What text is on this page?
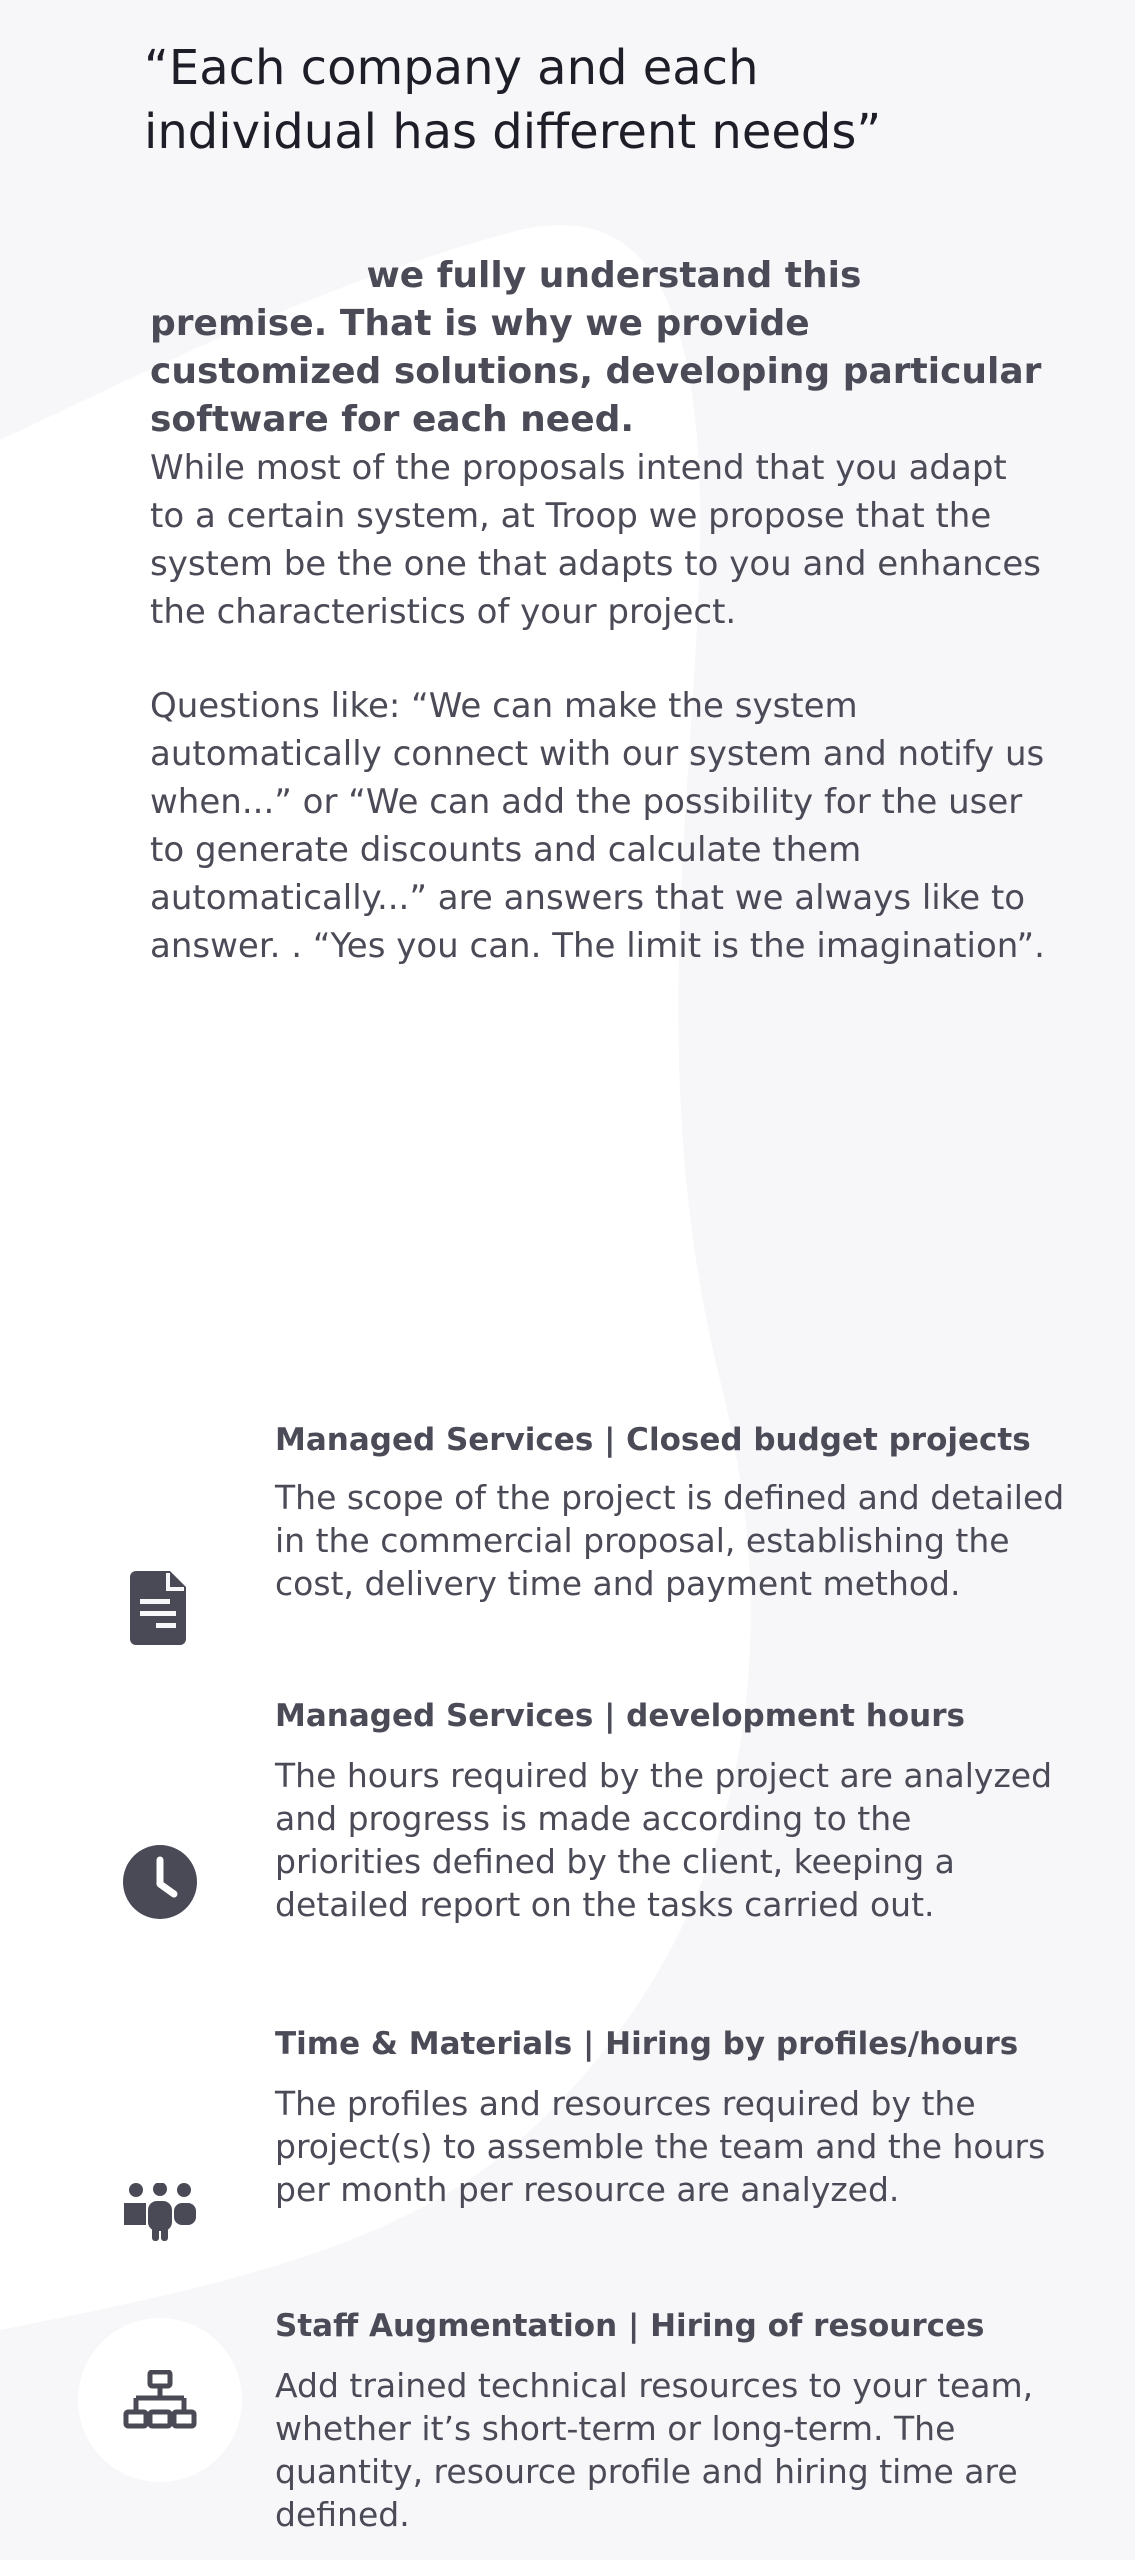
“Each company and each
individual has different needs”

we fully understand this premise. That is why we provide customized solutions, developing particular software for each need.

While most of the proposals intend that you adapt to a certain system, at Troop we propose that the system be the one that adapts to you and enhances the characteristics of your project.

Questions like: “We can make the system automatically connect with our system and notify us when...” or “We can add the possibility for the user to generate discounts and calculate them automatically...” are answers that we always like to answer. . “Yes you can. The limit is the imagination”.

Managed Services | Closed budget projects

The scope of the project is defined and detailed in the commercial proposal, establishing the cost, delivery time and payment method.

Managed Services | development hours

The hours required by the project are analyzed and progress is made according to the priorities defined by the client, keeping a detailed report on the tasks carried out.

Time & Materials | Hiring by profiles/hours

The profiles and resources required by the project(s) to assemble the team and the hours per month per resource are analyzed.

Staff Augmentation | Hiring of resources

Add trained technical resources to your team, whether it’s short-term or long-term. The quantity, resource profile and hiring time are defined.
